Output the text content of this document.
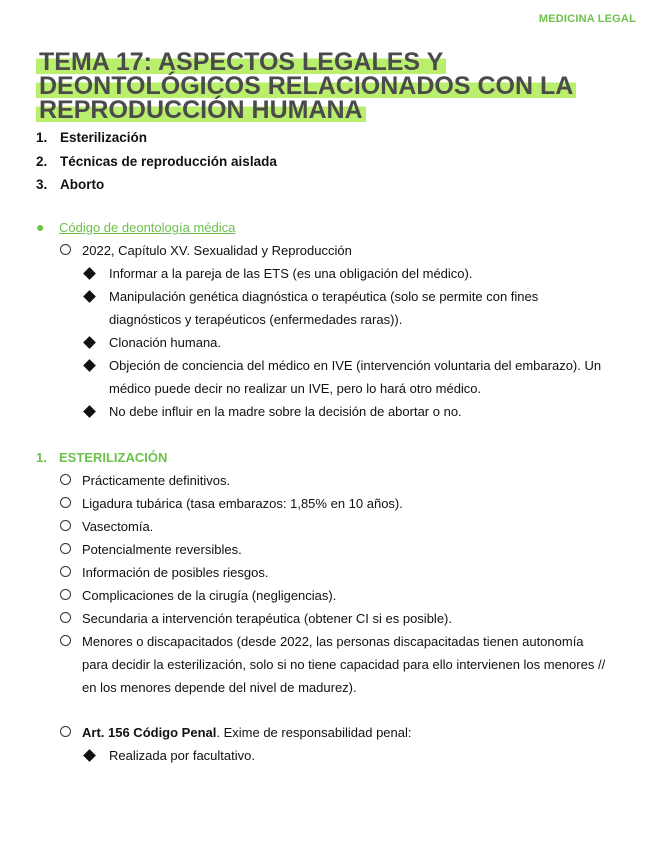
MEDICINA LEGAL
TEMA 17: ASPECTOS LEGALES Y DEONTOLÓGICOS RELACIONADOS CON LA REPRODUCCIÓN HUMANA
1. Esterilización
2. Técnicas de reproducción aislada
3. Aborto
●	Código de deontología médica
2022, Capítulo XV. Sexualidad y Reproducción
Informar a la pareja de las ETS (es una obligación del médico).
Manipulación genética diagnóstica o terapéutica (solo se permite con fines diagnósticos y terapéuticos (enfermedades raras)).
Clonación humana.
Objeción de conciencia del médico en IVE (intervención voluntaria del embarazo). Un médico puede decir no realizar un IVE, pero lo hará otro médico.
No debe influir en la madre sobre la decisión de abortar o no.
1. ESTERILIZACIÓN
Prácticamente definitivos.
Ligadura tubárica (tasa embarazos: 1,85% en 10 años).
Vasectomía.
Potencialmente reversibles.
Información de posibles riesgos.
Complicaciones de la cirugía (negligencias).
Secundaria a intervención terapéutica (obtener CI si es posible).
Menores o discapacitados (desde 2022, las personas discapacitadas tienen autonomía para decidir la esterilización, solo si no tiene capacidad para ello intervienen los menores // en los menores depende del nivel de madurez).
Art. 156 Código Penal. Exime de responsabilidad penal:
Realizada por facultativo.
